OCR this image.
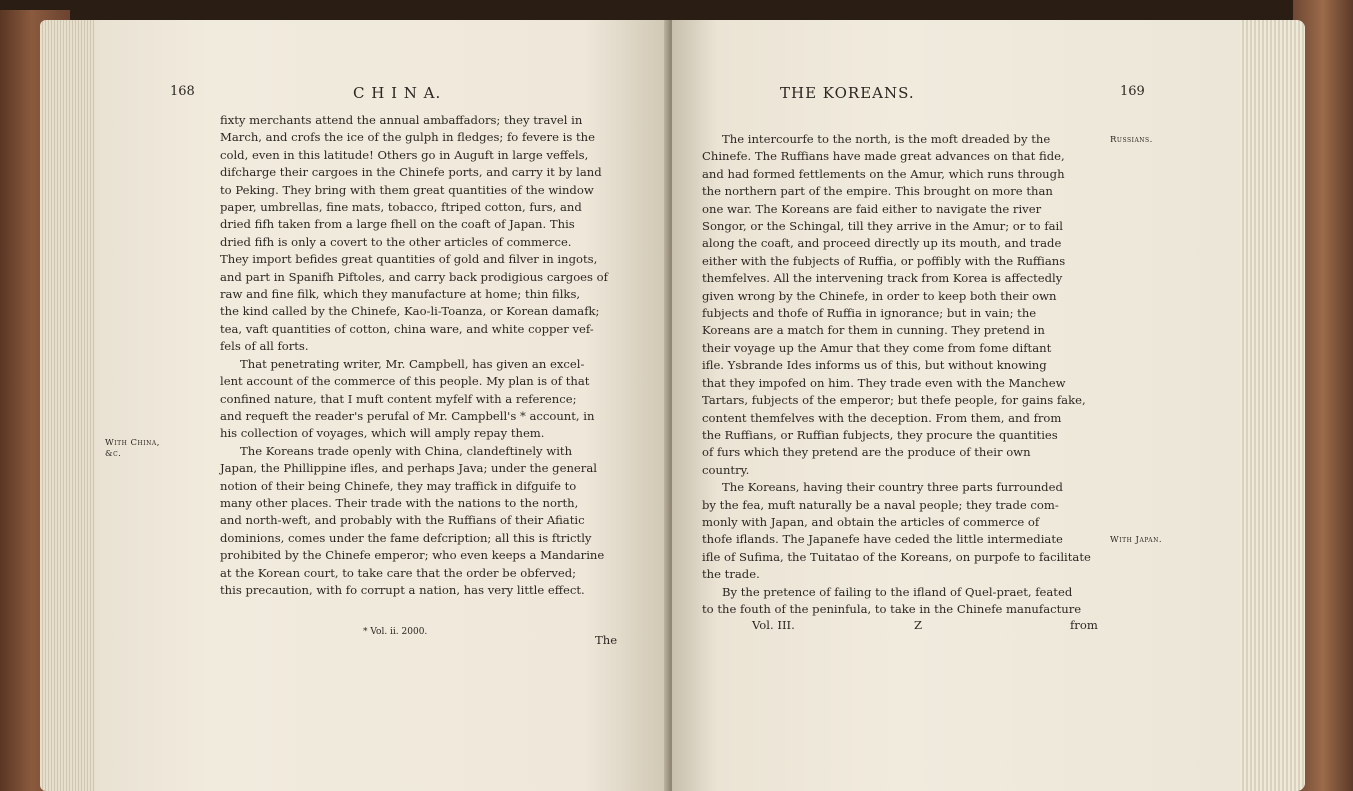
168	C H I N A.
fixty merchants attend the annual ambaffadors; they travel in
March, and crofs the ice of the gulph in fledges; fo fevere is the
cold, even in this latitude! Others go in Auguft in large veffels,
difcharge their cargoes in the Chinefe ports, and carry it by land
to Peking. They bring with them great quantities of the window
paper, umbrellas, fine mats, tobacco, ftriped cotton, furs, and
dried fifh taken from a large fhell on the coaft of Japan. This
dried fifh is only a covert to the other articles of commerce.
They import befides great quantities of gold and filver in ingots,
and part in Spanifh Piftoles, and carry back prodigious cargoes of
raw and fine filk, which they manufacture at home; thin filks,
the kind called by the Chinefe, Kao-li-Toanza, or Korean damafk;
tea, vaft quantities of cotton, china ware, and white copper vef-
fels of all forts.
That penetrating writer, Mr. Campbell, has given an excel-
lent account of the commerce of this people. My plan is of that
confined nature, that I muft content myfelf with a reference;
and requeft the reader's perufal of Mr. Campbell's * account, in
his collection of voyages, which will amply repay them.
The Koreans trade openly with China, clandeftinely with
Japan, the Phillippine ifles, and perhaps Java; under the general
notion of their being Chinefe, they may traffick in difguife to
many other places. Their trade with the nations to the north,
and north-weft, and probably with the Ruffians of their Afiatic
dominions, comes under the fame defcription; all this is ftrictly
prohibited by the Chinefe emperor; who even keeps a Mandarine
at the Korean court, to take care that the order be obferved;
this precaution, with fo corrupt a nation, has very little effect.
With China, &c.
* Vol. ii. 2000.
The
THE KOREANS.	169
The intercourfe to the north, is the moft dreaded by the
Chinefe. The Ruffians have made great advances on that fide,
and had formed fettlements on the Amur, which runs through
the northern part of the empire. This brought on more than
one war. The Koreans are faid either to navigate the river
Songor, or the Schingal, till they arrive in the Amur; or to fail
along the coaft, and proceed directly up its mouth, and trade
either with the fubjects of Ruffia, or poffibly with the Ruffians
themfelves. All the intervening track from Korea is affectedly
given wrong by the Chinefe, in order to keep both their own
fubjects and thofe of Ruffia in ignorance; but in vain; the
Koreans are a match for them in cunning. They pretend in
their voyage up the Amur that they come from fome diftant
ifle. Ysbrande Ides informs us of this, but without knowing
that they impofed on him. They trade even with the Manchew
Tartars, fubjects of the emperor; but thefe people, for gains fake,
content themfelves with the deception. From them, and from
the Ruffians, or Ruffian fubjects, they procure the quantities
of furs which they pretend are the produce of their own
country.
The Koreans, having their country three parts furrounded
by the fea, muft naturally be a naval people; they trade com-
monly with Japan, and obtain the articles of commerce of
thofe iflands. The Japanefe have ceded the little intermediate
ifle of Sufima, the Tuitatao of the Koreans, on purpofe to facilitate
the trade.
By the pretence of failing to the ifland of Quel-praet, feated
to the fouth of the peninfula, to take in the Chinefe manufacture
Russians.
With Japan.
Vol. III.	Z	from
